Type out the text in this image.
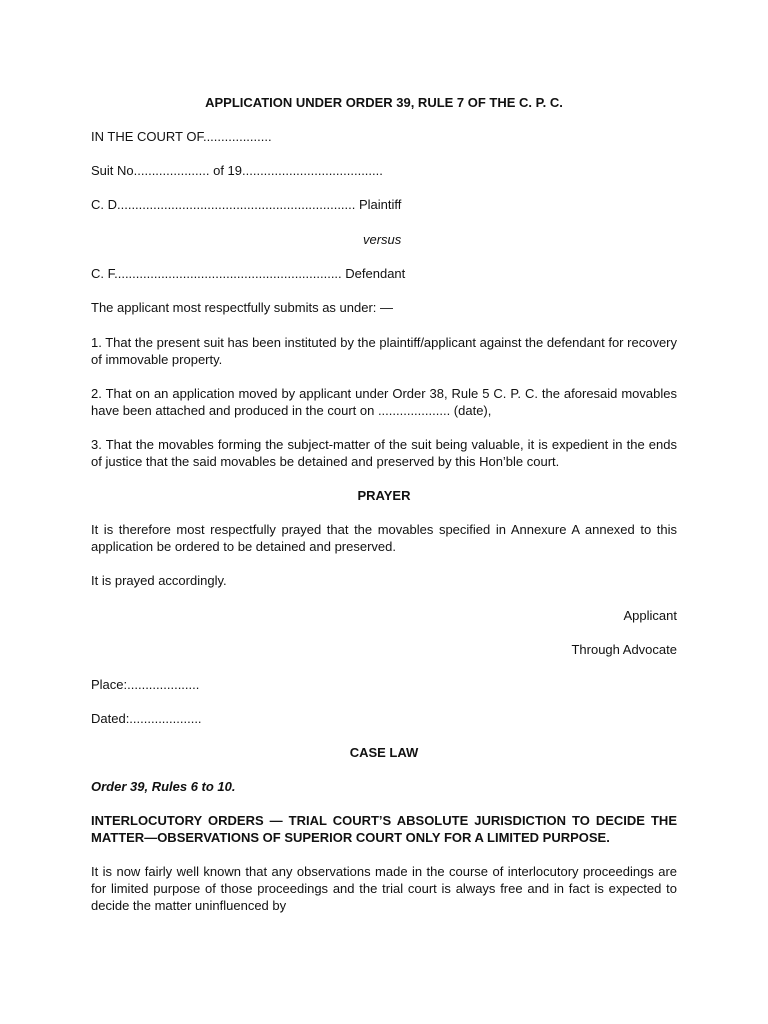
APPLICATION UNDER ORDER 39, RULE 7 OF THE C. P. C.

IN THE COURT OF...................

Suit No..................... of 19.......................................

C. D.................................................................. Plaintiff

versus

C. F............................................................... Defendant

The applicant most respectfully submits as under: —

1. That the present suit has been instituted by the plaintiff/applicant against the defendant for recovery of immovable property.

2. That on an application moved by applicant under Order 38, Rule 5 C. P. C. the aforesaid movables have been attached and produced in the court on .................... (date),

3. That the movables forming the subject-matter of the suit being valuable, it is expedient in the ends of justice that the said movables be detained and preserved by this Hon’ble court.

PRAYER

It is therefore most respectfully prayed that the movables specified in Annexure A annexed to this application be ordered to be detained and preserved.

It is prayed accordingly.

Applicant

Through Advocate

Place:....................

Dated:....................

CASE LAW

Order 39, Rules 6 to 10.

INTERLOCUTORY ORDERS — TRIAL COURT’S ABSOLUTE JURISDICTION TO DECIDE THE MATTER—OBSERVATIONS OF SUPERIOR COURT ONLY FOR A LIMITED PURPOSE.

It is now fairly well known that any observations made in the course of interlocutory proceedings are for limited purpose of those proceedings and the trial court is always free and in fact is expected to decide the matter uninfluenced by
